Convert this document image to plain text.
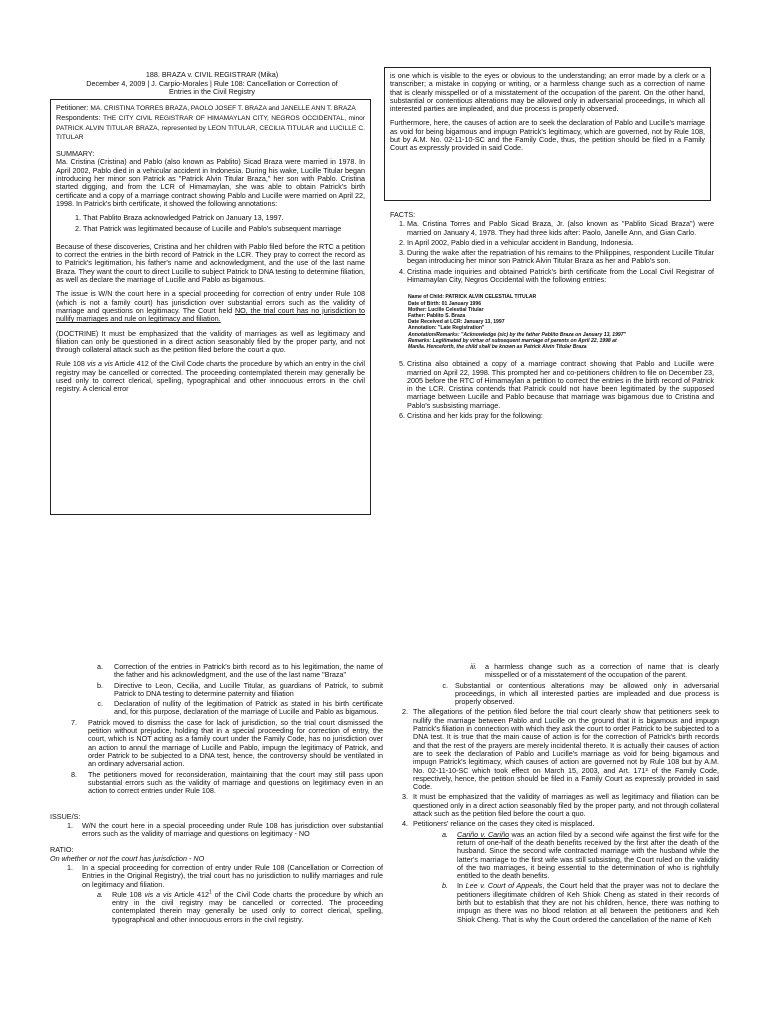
188. BRAZA v. CIVIL REGISTRAR (Mika)
December 4, 2009 | J. Carpio-Morales | Rule 108: Cancellation or Correction of
Entries in the Civil Registry

Petitioner: MA. CRISTINA TORRES BRAZA, PAOLO JOSEF T. BRAZA and JANELLE ANN T. BRAZA

Respondents: THE CITY CIVIL REGISTRAR OF HIMAMAYLAN CITY, NEGROS OCCIDENTAL, minor PATRICK ALVIN TITULAR BRAZA, represented by LEON TITULAR, CECILIA TITULAR and LUCILLE C. TITULAR

SUMMARY:

Ma. Cristina (Cristina) and Pablo (also known as Pablito) Sicad Braza were married in 1978. In April 2002, Pablo died in a vehicular accident in Indonesia. During his wake, Lucille Titular began introducing her minor son Patrick as "Patrick Alvin Titular Braza," her son with Pablo. Cristina started digging, and from the LCR of Himamaylan, she was able to obtain Patrick's birth certificate and a copy of a marriage contract showing Pablo and Lucille were married on April 22, 1998. In Patrick's birth certificate, it showed the following annotations:

1. That Pablito Braza acknowledged Patrick on January 13, 1997.
2. That Patrick was legitimated because of Lucille and Pablo's subsequent marriage

Because of these discoveries, Cristina and her children with Pablo filed before the RTC a petition to correct the entries in the birth record of Patrick in the LCR. They pray to correct the record as to Patrick's legitimation, his father's name and acknowledgment, and the use of the last name Braza. They want the court to direct Lucille to subject Patrick to DNA testing to determine filiation, as well as declare the marriage of Lucille and Pablo as bigamous.

The issue is W/N the court here in a special proceeding for correction of entry under Rule 108 (which is not a family court) has jurisdiction over substantial errors such as the validity of marriage and questions on legitimacy. The Court held NO, the trial court has no jurisdiction to nullify marriages and rule on legitimacy and filiation.

(DOCTRINE) It must be emphasized that the validity of marriages as well as legitimacy and filiation can only be questioned in a direct action seasonably filed by the proper party, and not through collateral attack such as the petition filed before the court a quo.

Rule 108 vis a vis Article 412 of the Civil Code charts the procedure by which an entry in the civil registry may be cancelled or corrected. The proceeding contemplated therein may generally be used only to correct clerical, spelling, typographical and other innocuous errors in the civil registry. A clerical error

is one which is visible to the eyes or obvious to the understanding; an error made by a clerk or a transcriber; a mistake in copying or writing, or a harmless change such as a correction of name that is clearly misspelled or of a misstatement of the occupation of the parent. On the other hand, substantial or contentious alterations may be allowed only in adversarial proceedings, in which all interested parties are impleaded, and due process is properly observed.

Furthermore, here, the causes of action are to seek the declaration of Pablo and Lucille's marriage as void for being bigamous and impugn Patrick's legitimacy, which are governed, not by Rule 108, but by A.M. No. 02-11-10-SC and the Family Code, thus, the petition should be filed in a Family Court as expressly provided in said Code.

FACTS:
1. Ma. Cristina Torres and Pablo Sicad Braza, Jr. (also known as "Pablito Sicad Braza") were married on January 4, 1978. They had three kids after: Paolo, Janelle Ann, and Gian Carlo.
2. In April 2002, Pablo died in a vehicular accident in Bandung, Indonesia.
3. During the wake after the repatriation of his remains to the Philippines, respondent Lucille Titular began introducing her minor son Patrick Alvin Titular Braza as her and Pablo's son.
4. Cristina made inquiries and obtained Patrick's birth certificate from the Local Civil Registrar of Himamaylan City, Negros Occidental with the following entries:
Name of Child: PATRICK ALVIN CELESTIAL TITULAR
Date of Birth: 01 January 1996
Mother: Lucille Celestial Titular
Father: Pablito S. Braza
Date Received at LCR: January 13, 1997
Annotation: "Late Registration"
Annotation/Remarks: "Acknowledge (sic) by the father Pablito Braza on January 13, 1997"
Remarks: Legitimated by virtue of subsequent marriage of parents on April 22, 1998 at
Manila. Henceforth, the child shall be known as Patrick Alvin Titular Braza
5. Cristina also obtained a copy of a marriage contract showing that Pablo and Lucille were married on April 22, 1998. This prompted her and co-petitioners children to file on December 23, 2005 before the RTC of Himamaylan a petition to correct the entries in the birth record of Patrick in the LCR. Cristina contends that Patrick could not have been legitimated by the supposed marriage between Lucille and Pablo because that marriage was bigamous due to Cristina and Pablo's susbsisting marriage.
6. Cristina and her kids pray for the following:
a. Correction of the entries in Patrick's birth record as to his legitimation, the name of the father and his acknowledgment, and the use of the last name "Braza"
b. Directive to Leon, Cecilia, and Lucille Titular, as guardians of Patrick, to submit Patrick to DNA testing to determine paternity and filiation
c. Declaration of nullity of the legitimation of Patrick as stated in his birth certificate and, for this purpose, declaration of the marriage of Lucille and Pablo as bigamous.
7. Patrick moved to dismiss the case for lack of jurisdiction, so the trial court dismissed the petition without prejudice, holding that in a special proceeding for correction of entry, the court, which is NOT acting as a family court under the Family Code, has no jurisdiction over an action to annul the marriage of Lucille and Pablo, impugn the legitimacy of Patrick, and order Patrick to be subjected to a DNA test, hence, the controversy should be ventilated in an ordinary adversarial action.
8. The petitioners moved for reconsideration, maintaining that the court may still pass upon substantial errors such as the validity of marriage and questions on legitimacy even in an action to correct entries under Rule 108.
ISSUE/S:
1. W/N the court here in a special proceeding under Rule 108 has jurisdiction over substantial errors such as the validity of marriage and questions on legitimacy - NO
RATIO:
On whether or not the court has jurisdiction - NO
1. In a special proceeding for correction of entry under Rule 108 (Cancellation or Correction of Entries in the Original Registry), the trial court has no jurisdiction to nullify marriages and rule on legitimacy and filiation.
a. Rule 108 vis a vis Article $412^1$ of the Civil Code charts the procedure by which an entry in the civil registry may be cancelled or corrected. The proceeding contemplated therein may generally be used only to correct clerical, spelling, typographical and other innocuous errors in the civil registry.
iii. a harmless change such as a correction of name that is clearly misspelled or of a misstatement of the occupation of the parent.
c. Substantial or contentious alterations may be allowed only in adversarial proceedings, in which all interested parties are impleaded and due process is properly observed.
2. The allegations of the petition filed before the trial court clearly show that petitioners seek to nullify the marriage between Pablo and Lucille on the ground that it is bigamous and impugn Patrick's filiation in connection with which they ask the court to order Patrick to be subjected to a DNA test. It is true that the main cause of action is for the correction of Patrick's birth records and that the rest of the prayers are merely incidental thereto. It is actually their causes of action are to seek the declaration of Pablo and Lucille's marriage as void for being bigamous and impugn Patrick's legitimacy, which causes of action are governed not by Rule 108 but by A.M. No. 02-11-10-SC which took effect on March 15, 2003, and Art. 171² of the Family Code, respectively, hence, the petition should be filed in a Family Court as expressly provided in said Code.
3. It must be emphasized that the validity of marriages as well as legitimacy and filiation can be questioned only in a direct action seasonably filed by the proper party, and not through collateral attack such as the petition filed before the court a quo.
4. Petitioners' reliance on the cases they cited is misplaced.
a. Cariño v. Cariño was an action filed by a second wife against the first wife for the return of one-half of the death benefits received by the first after the death of the husband. Since the second wife contracted marriage with the husband while the latter's marriage to the first wife was still subsisting, the Court ruled on the validity of the two marriages, it being essential to the determination of who is rightfully entitled to the death benefits.
b. In Lee v. Court of Appeals, the Court held that the prayer was not to declare the petitioners illegitimate children of Keh Shiok Cheng as stated in their records of birth but to establish that they are not his children, hence, there was nothing to impugn as there was no blood relation at all between the petitioners and Keh Shiok Cheng. That is why the Court ordered the cancellation of the name of Keh
